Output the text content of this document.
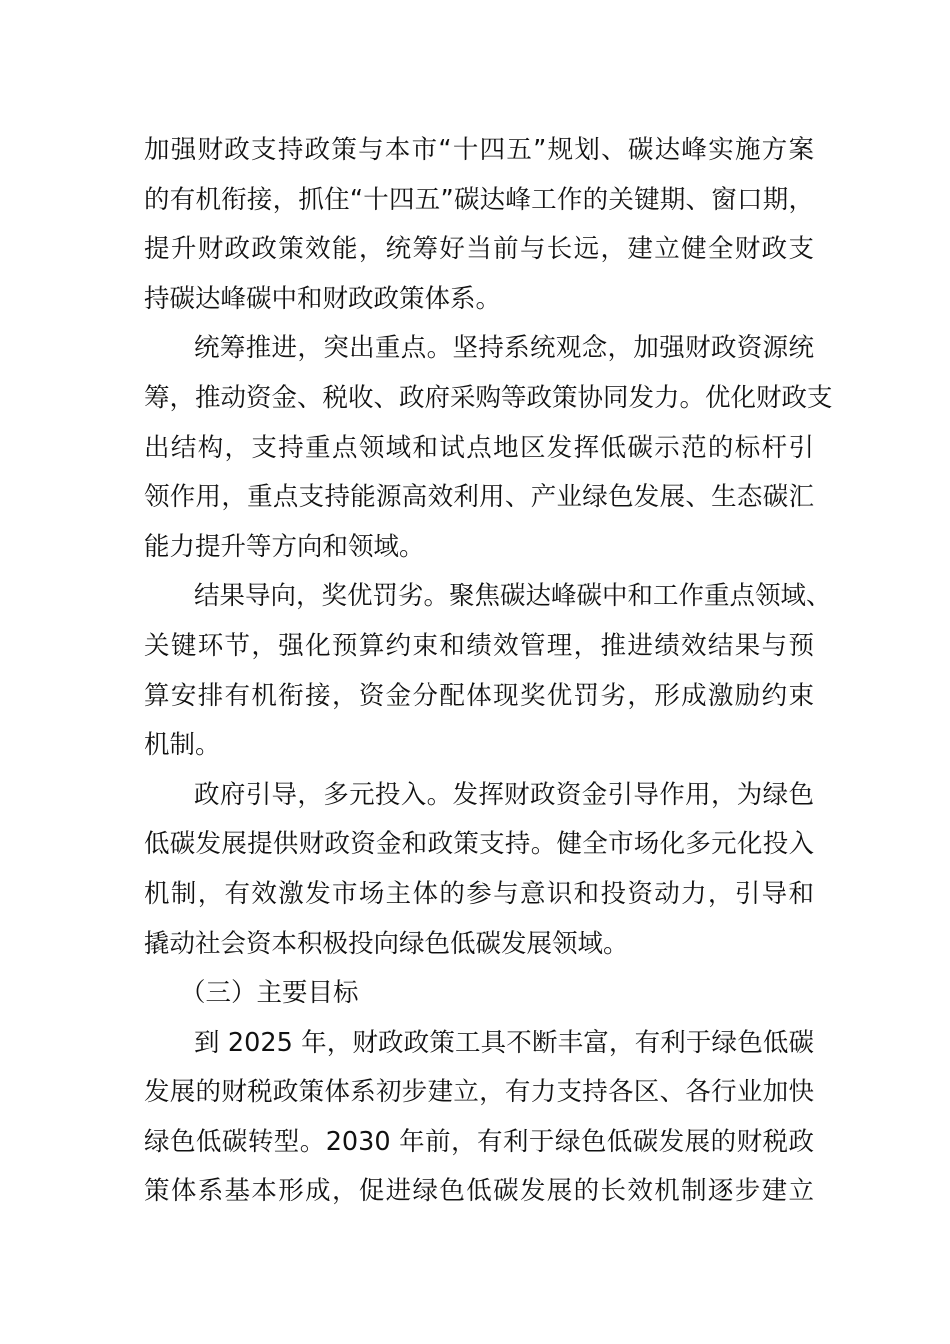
加强财政支持政策与本市“十四五”规划、碳达峰实施方案
的有机衔接，抓住“十四五”碳达峰工作的关键期、窗口期，
提升财政政策效能，统筹好当前与长远，建立健全财政支
持碳达峰碳中和财政政策体系。
统筹推进，突出重点。坚持系统观念，加强财政资源统
筹，推动资金、税收、政府采购等政策协同发力。优化财政支
出结构，支持重点领域和试点地区发挥低碳示范的标杆引
领作用，重点支持能源高效利用、产业绿色发展、生态碳汇
能力提升等方向和领域。
结果导向，奖优罚劣。聚焦碳达峰碳中和工作重点领域、
关键环节，强化预算约束和绩效管理，推进绩效结果与预
算安排有机衔接，资金分配体现奖优罚劣，形成激励约束
机制。
政府引导，多元投入。发挥财政资金引导作用，为绿色
低碳发展提供财政资金和政策支持。健全市场化多元化投入
机制，有效激发市场主体的参与意识和投资动力，引导和
撬动社会资本积极投向绿色低碳发展领域。
（三）主要目标
到 2025 年，财政政策工具不断丰富，有利于绿色低碳
发展的财税政策体系初步建立，有力支持各区、各行业加快
绿色低碳转型。2030 年前，有利于绿色低碳发展的财税政
策体系基本形成，促进绿色低碳发展的长效机制逐步建立
